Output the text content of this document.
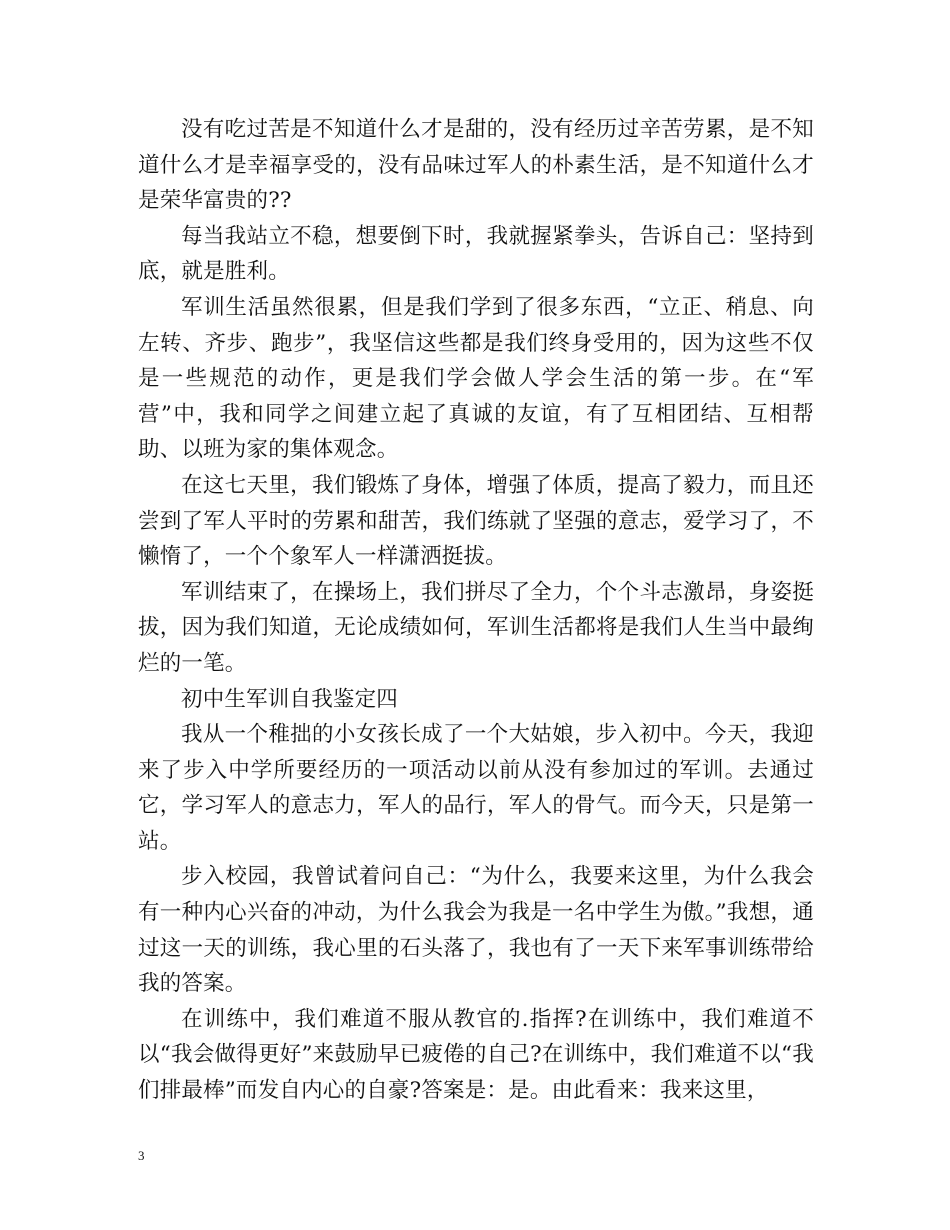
没有吃过苦是不知道什么才是甜的，没有经历过辛苦劳累，是不知道什么才是幸福享受的，没有品味过军人的朴素生活，是不知道什么才是荣华富贵的??

每当我站立不稳，想要倒下时，我就握紧拳头，告诉自己：坚持到底，就是胜利。

军训生活虽然很累，但是我们学到了很多东西，“立正、稍息、向左转、齐步、跑步”，我坚信这些都是我们终身受用的，因为这些不仅是一些规范的动作，更是我们学会做人学会生活的第一步。在“军营”中，我和同学之间建立起了真诚的友谊，有了互相团结、互相帮助、以班为家的集体观念。

在这七天里，我们锻炼了身体，增强了体质，提高了毅力，而且还尝到了军人平时的劳累和甜苦，我们练就了坚强的意志，爱学习了，不懒惰了，一个个象军人一样潇洒挺拔。

军训结束了，在操场上，我们拼尽了全力，个个斗志激昂，身姿挺拔，因为我们知道，无论成绩如何，军训生活都将是我们人生当中最绚烂的一笔。

初中生军训自我鉴定四

我从一个稚拙的小女孩长成了一个大姑娘，步入初中。今天，我迎来了步入中学所要经历的一项活动以前从没有参加过的军训。去通过它，学习军人的意志力，军人的品行，军人的骨气。而今天，只是第一站。

步入校园，我曾试着问自己：“为什么，我要来这里，为什么我会有一种内心兴奋的冲动，为什么我会为我是一名中学生为傲。”我想，通过这一天的训练，我心里的石头落了，我也有了一天下来军事训练带给我的答案。

在训练中，我们难道不服从教官的.指挥?在训练中，我们难道不以“我会做得更好”来鼓励早已疲倦的自己?在训练中，我们难道不以“我们排最棒”而发自内心的自豪?答案是：是。由此看来：我来这里，

3
